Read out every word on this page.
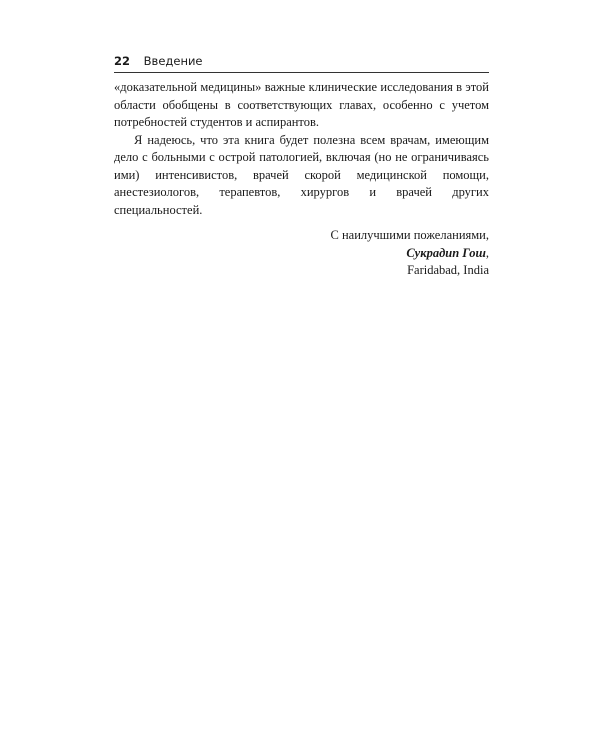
22 Введение

«доказательной медицины» важные клинические исследования в этой области обобщены в соответствующих главах, особенно с учетом потребностей студентов и аспирантов.

Я надеюсь, что эта книга будет полезна всем врачам, имеющим дело с больными с острой патологией, включая (но не ограничиваясь ими) интенсивистов, врачей скорой медицинской помощи, анестезиологов, терапевтов, хирургов и врачей других специальностей.

С наилучшими пожеланиями,
Сукрадип Гош,
Faridabad, India
